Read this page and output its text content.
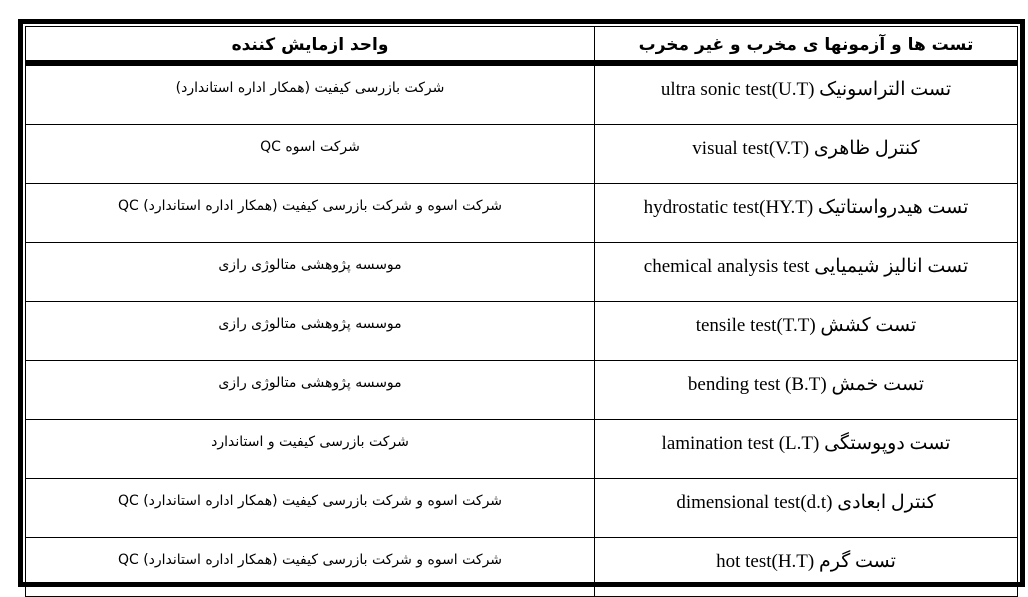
تست ها و آزمونها ی مخرب و غیر مخرب	واحد ازمایش کننده
تست التراسونیک ultra sonic test(U.T)	شرکت بازرسی کیفیت (همکار اداره استاندارد)
کنترل ظاهری visual test(V.T)	شرکت اسوه QC
تست هیدرواستاتیک hydrostatic test(HY.T)	شرکت اسوه و شرکت بازرسی کیفیت (همکار اداره استاندارد) QC
تست انالیز شیمیایی chemical analysis test	موسسه پژوهشی متالوژی رازی
تست کشش tensile test(T.T)	موسسه پژوهشی متالوژی رازی
تست خمش bending test (B.T)	موسسه پژوهشی متالوژی رازی
تست دوپوستگی lamination test (L.T)	شرکت بازرسی کیفیت و استاندارد
کنترل ابعادی dimensional test(d.t)	شرکت اسوه و شرکت بازرسی کیفیت (همکار اداره استاندارد) QC
تست گرم hot test(H.T)	شرکت اسوه و شرکت بازرسی کیفیت (همکار اداره استاندارد) QC
